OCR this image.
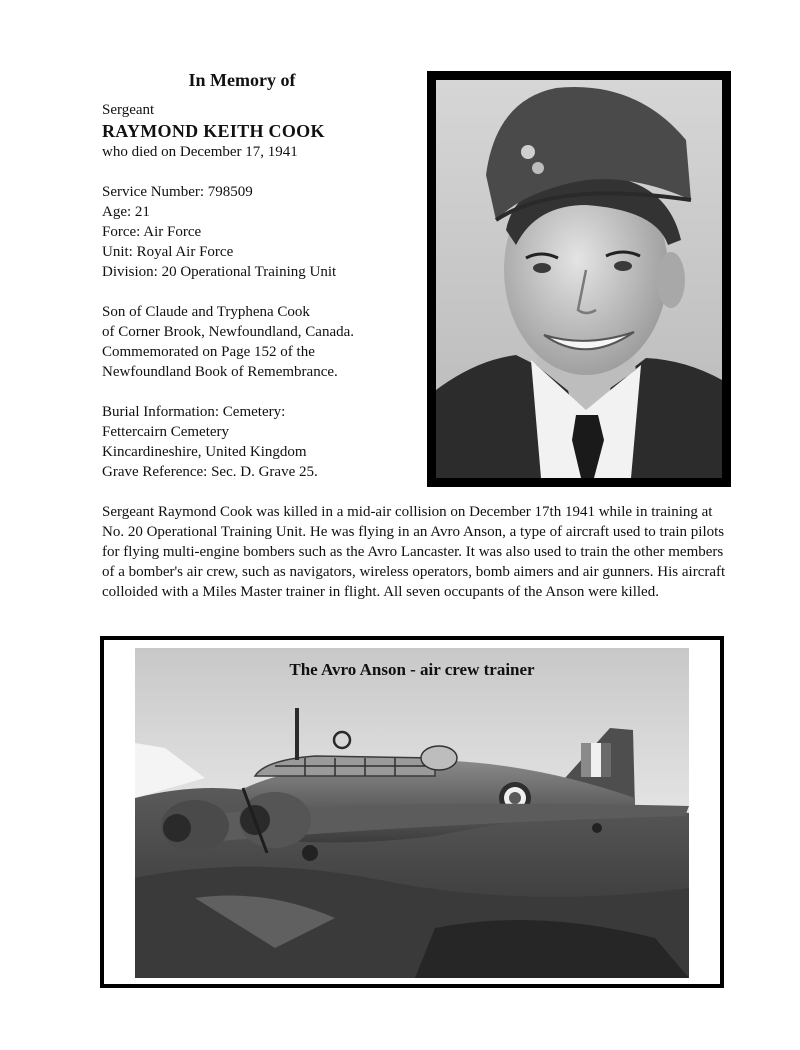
In Memory of
Sergeant
RAYMOND KEITH COOK
who died on December 17, 1941
Service Number: 798509
Age: 21
Force: Air Force
Unit: Royal Air Force
Division: 20 Operational Training Unit
Son of Claude and Tryphena Cook
of Corner Brook, Newfoundland, Canada.
Commemorated on Page 152 of the
Newfoundland Book of Remembrance.
Burial Information: Cemetery:
Fettercairn Cemetery
Kincardineshire, United Kingdom
Grave Reference: Sec. D. Grave 25.
Sergeant Raymond Cook was killed in a mid-air collision on December 17th 1941 while in training at No. 20 Operational Training Unit. He was flying in an Avro Anson, a type of aircraft used to train pilots for flying multi-engine bombers such as the Avro Lancaster. It was also used to train the other members of a bomber's air crew, such as navigators, wireless operators, bomb aimers and air gunners. His aircraft colloided with a Miles Master trainer in flight. All seven occupants of the Anson were killed.
The Avro Anson - air crew trainer
